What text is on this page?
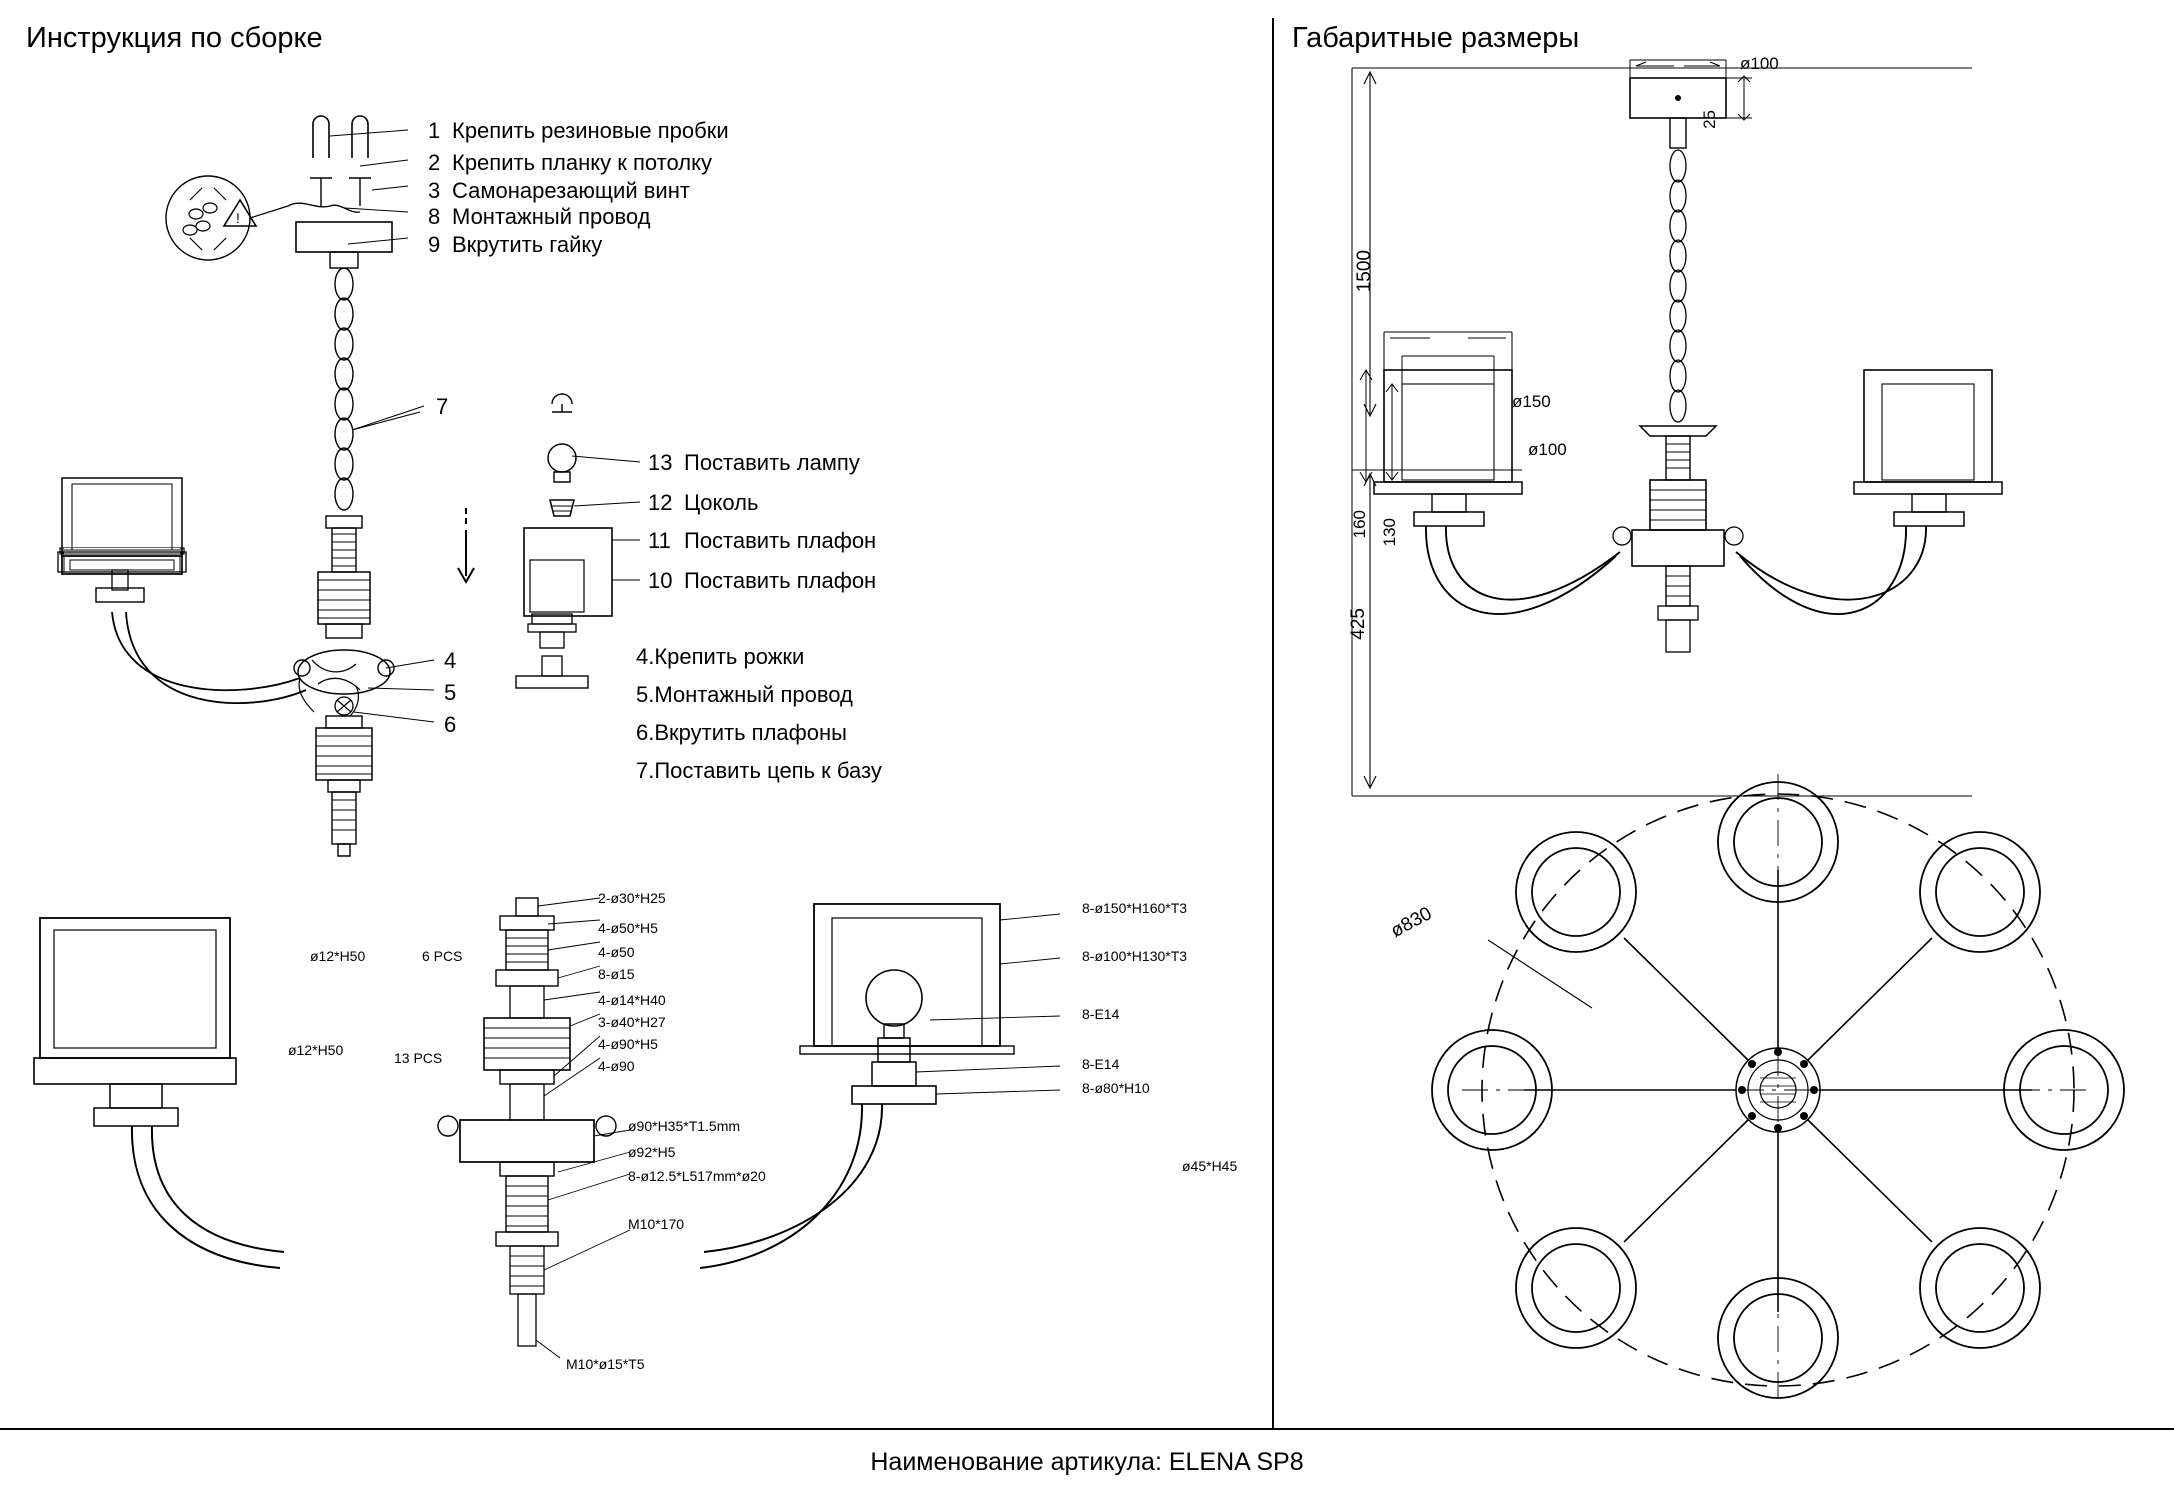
Инструкция по сборке	Габаритные размеры
Наименование артикула: ELENA SP8
!
1 Крепить резиновые пробки
2 Крепить планку к потолку
3 Самонарезающий винт
8 Монтажный провод
9 Вкрутить гайку
13 Поставить лампу
12 Цоколь
11 Поставить плафон
10 Поставить плафон
4.Крепить рожки
5.Монтажный провод
6.Вкрутить плафоны
7.Поставить цепь к базу
7
4
5
6
ø12*H50
ø12*H50
6 PCS
13 PCS
2-ø30*H25
4-ø50*H5
4-ø50
8-ø15
4-ø14*H40
3-ø40*H27
4-ø90*H5
4-ø90
ø90*H35*T1.5mm
ø92*H5
8-ø12.5*L517mm*ø20
M10*170
M10*ø15*T5
8-ø150*H160*T3
8-ø100*H130*T3
8-E14
8-E14
8-ø80*H10
ø45*H45
ø100
25
1500
ø150
ø100
160 130
425
ø830
